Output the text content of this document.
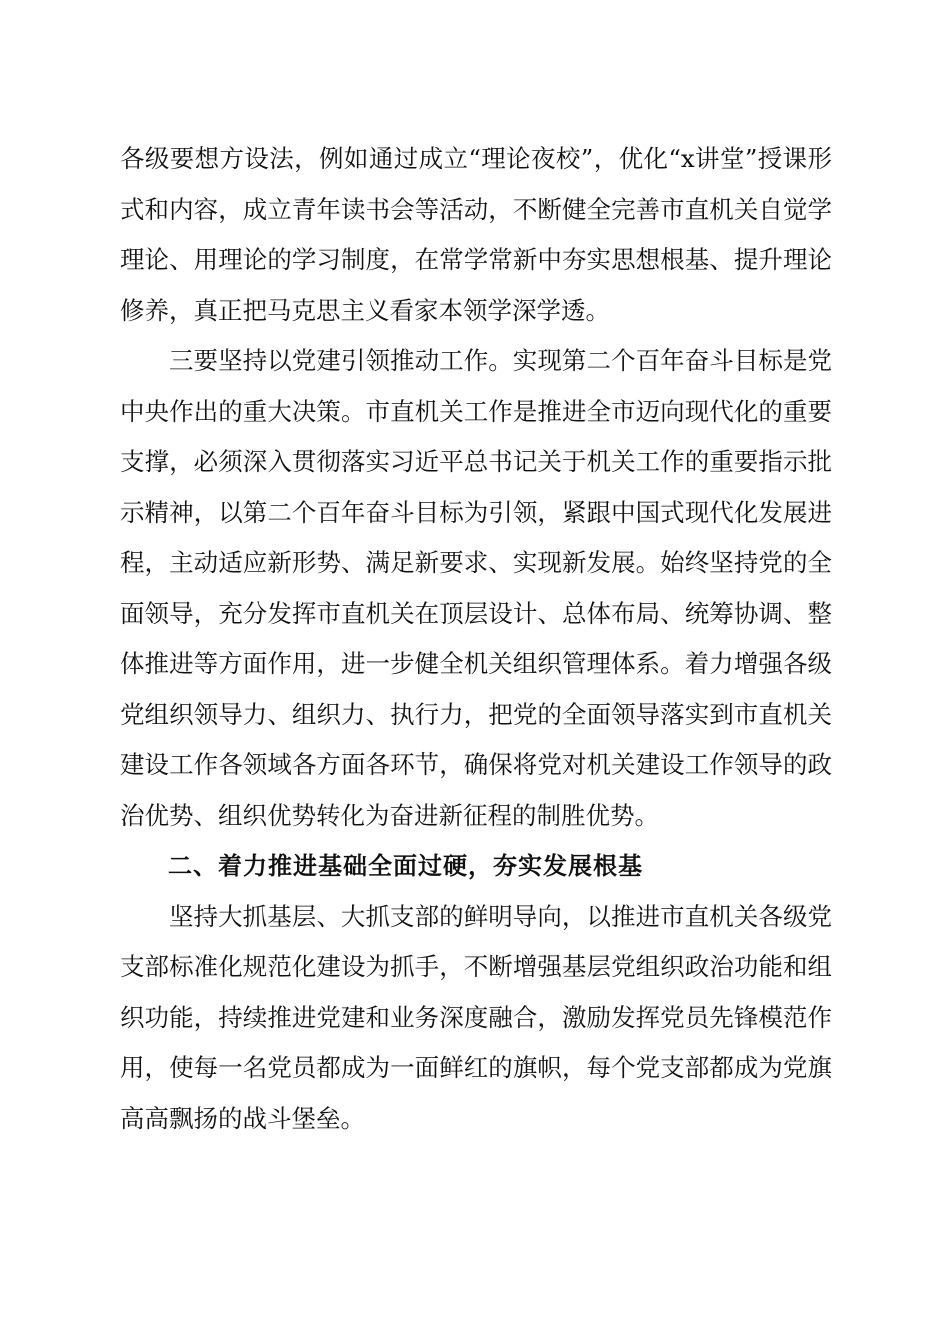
各级要想方设法，例如通过成立“理论夜校”，优化“x讲堂”授课形式和内容，成立青年读书会等活动，不断健全完善市直机关自觉学理论、用理论的学习制度，在常学常新中夯实思想根基、提升理论修养，真正把马克思主义看家本领学深学透。

三要坚持以党建引领推动工作。实现第二个百年奋斗目标是党中央作出的重大决策。市直机关工作是推进全市迈向现代化的重要支撑，必须深入贯彻落实习近平总书记关于机关工作的重要指示批示精神，以第二个百年奋斗目标为引领，紧跟中国式现代化发展进程，主动适应新形势、满足新要求、实现新发展。始终坚持党的全面领导，充分发挥市直机关在顶层设计、总体布局、统筹协调、整体推进等方面作用，进一步健全机关组织管理体系。着力增强各级党组织领导力、组织力、执行力，把党的全面领导落实到市直机关建设工作各领域各方面各环节，确保将党对机关建设工作领导的政治优势、组织优势转化为奋进新征程的制胜优势。

二、着力推进基础全面过硬，夯实发展根基

坚持大抓基层、大抓支部的鲜明导向，以推进市直机关各级党支部标准化规范化建设为抓手，不断增强基层党组织政治功能和组织功能，持续推进党建和业务深度融合，激励发挥党员先锋模范作用，使每一名党员都成为一面鲜红的旗帜，每个党支部都成为党旗高高飘扬的战斗堡垒。
